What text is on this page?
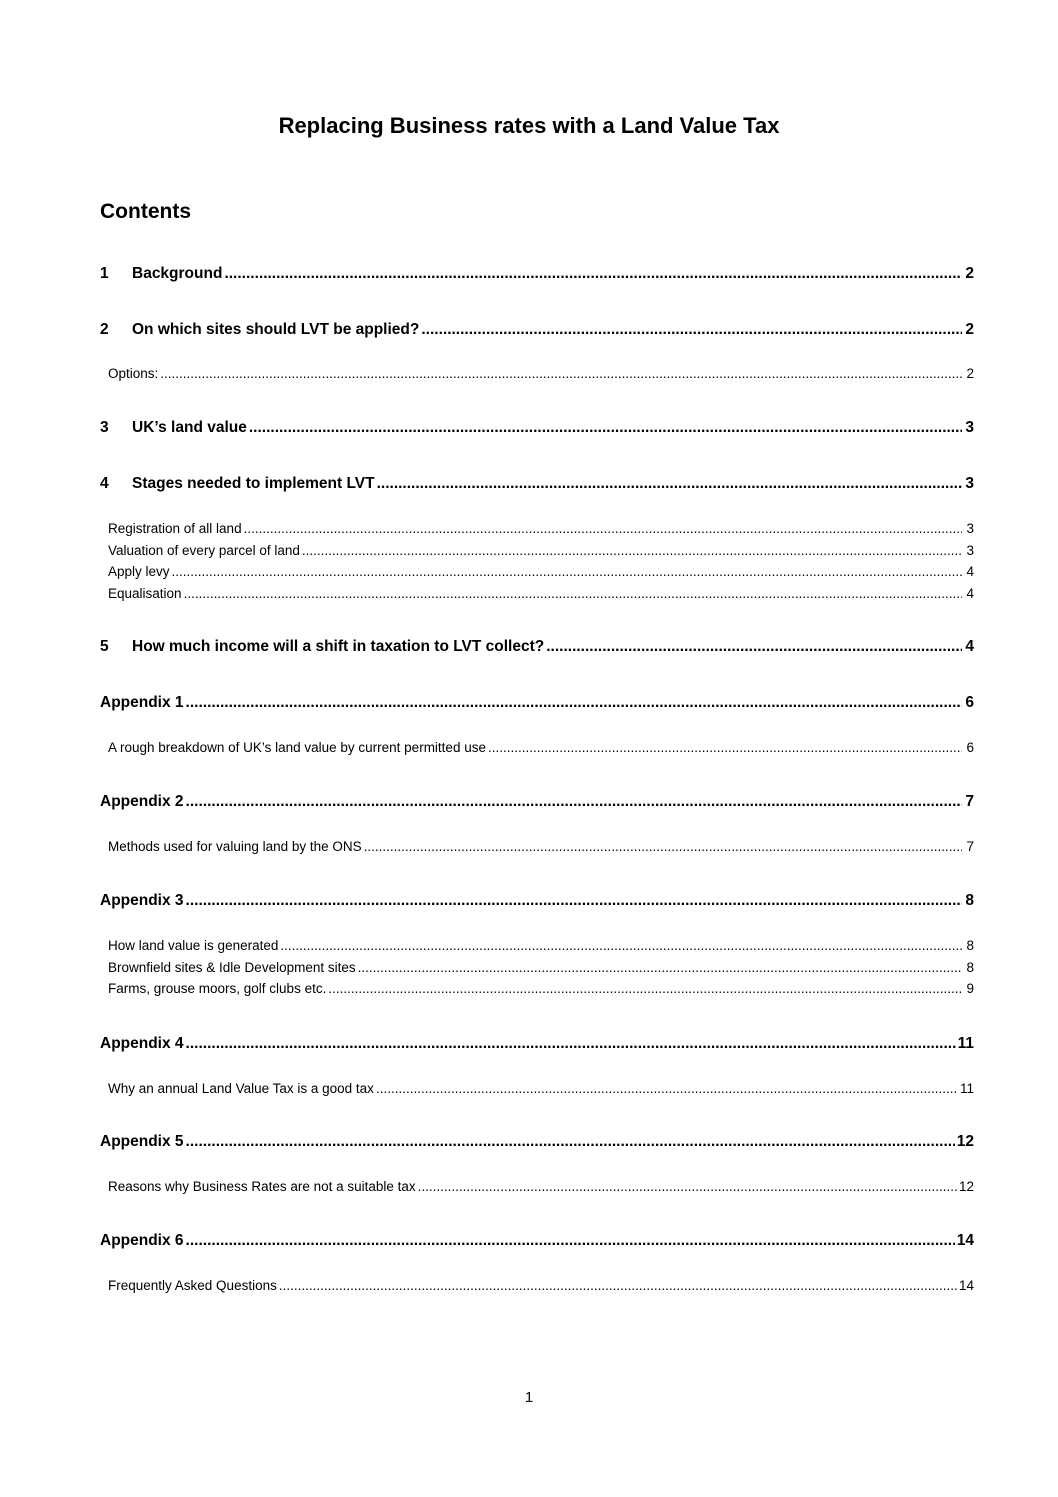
Replacing Business rates with a Land Value Tax
Contents
1	Background .....	2
2	On which sites should LVT be applied? .....	2
Options: .....	2
3	UK’s land value .....	3
4	Stages needed to implement LVT .....	3
Registration of all land .....	3
Valuation of every parcel of land .....	3
Apply levy .....	4
Equalisation .....	4
5	How much income will a shift in taxation to LVT collect? .....	4
Appendix 1 .....	6
A rough breakdown of UK’s land value by current permitted use .....	6
Appendix 2 .....	7
Methods used for valuing land by the ONS .....	7
Appendix 3 .....	8
How land value is generated .....	8
Brownfield sites & Idle Development sites .....	8
Farms, grouse moors, golf clubs etc. .....	9
Appendix 4 .....	11
Why an annual Land Value Tax is a good tax .....	11
Appendix 5 .....	12
Reasons why Business Rates are not a suitable tax .....	12
Appendix 6 .....	14
Frequently Asked Questions .....	14
1
